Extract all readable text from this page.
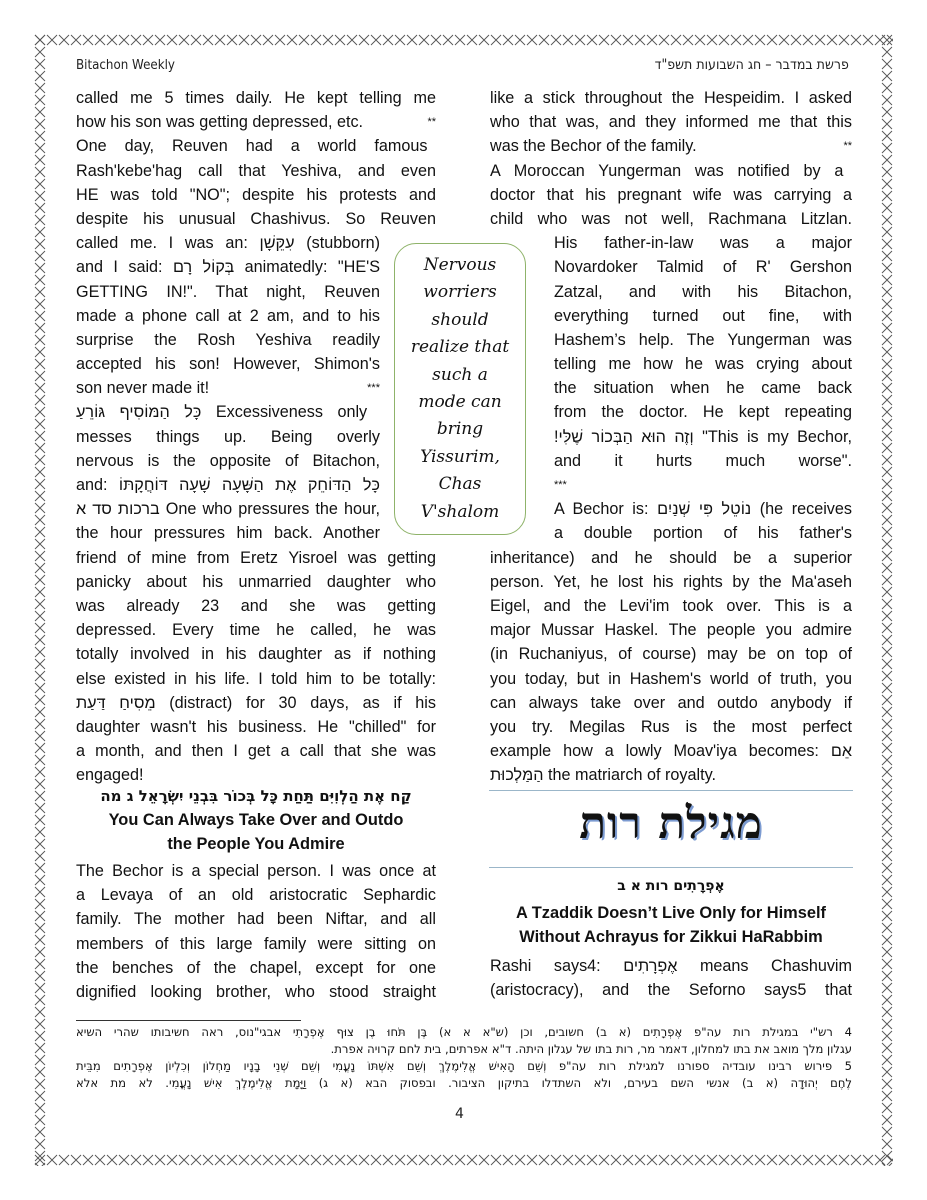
Bitachon Weekly	פרשת במדבר – חג השבועות תשפ"ד
called me 5 times daily. He kept telling me
how his son was getting depressed, etc.	**
One day, Reuven had a world famous
Rash'kebe'hag call that Yeshiva, and even
HE was told "NO"; despite his protests and
despite his unusual Chashivus. So Reuven
called me. I was an: עִקֵּשָׁן (stubborn)
and I said: בְּקוֹל רָם animatedly: "HE'S
GETTING IN!". That night, Reuven
made a phone call at 2 am, and to his
surprise the Rosh Yeshiva readily
accepted his son! However, Shimon's
son never made it!	***
כָּל הַמּוֹסִיף גּוֹרֵעַ Excessiveness only
messes things up. Being overly
nervous is the opposite of Bitachon,
and: כָּל הַדּוֹחֵק אֶת הַשָּׁעָה שָׁעָה דּוֹחֲקָתּוֹ
ברכות סד א One who pressures the hour,
the hour pressures him back. Another
friend of mine from Eretz Yisroel was getting
panicky about his unmarried daughter who
was already 23 and she was getting
depressed. Every time he called, he was
totally involved in his daughter as if nothing
else existed in his life. I told him to be totally:
מֵסִיחַ דַּעַת (distract) for 30 days, as if his
daughter wasn't his business. He "chilled" for
a month, and then I get a call that she was
engaged!
קַח אֶת הַלְוִיִּם תַּחַת כָּל בְּכוֹר בִּבְנֵי יִשְׂרָאֵל ג מה
You Can Always Take Over and Outdo
the People You Admire
The Bechor is a special person. I was once at
a Levaya of an old aristocratic Sephardic
family. The mother had been Niftar, and all
members of this large family were sitting on
the benches of the chapel, except for one
dignified looking brother, who stood straight
Nervous
worriers
should
realize that
such a
mode can
bring
Yissurim,
Chas
V'shalom
like a stick throughout the Hespeidim. I asked
who that was, and they informed me that this
was the Bechor of the family.	**
A Moroccan Yungerman was notified by a
doctor that his pregnant wife was carrying a
child who was not well, Rachmana Litzlan.
His father-in-law was a major
Novardoker Talmid of R' Gershon
Zatzal, and with his Bitachon,
everything turned out fine, with
Hashem’s help. The Yungerman was
telling me how he was crying about
the situation when he came back
from the doctor. He kept repeating
!וְזֶה הוּא הַבְּכוֹר שֶׁלִּי "This is my Bechor,
and it hurts much worse".
***
A Bechor is: נוֹטֵל פִּי שְׁנַיִם (he receives
a double portion of his father's
inheritance) and he should be a superior
person. Yet, he lost his rights by the Ma'aseh
Eigel, and the Levi'im took over. This is a
major Mussar Haskel. The people you admire
(in Ruchaniyus, of course) may be on top of
you today, but in Hashem's world of truth, you
can always take over and outdo anybody if
you try. Megilas Rus is the most perfect
example how a lowly Moav'iya becomes: אֵם
הַמַּלְכוּת the matriarch of royalty.
מגילת רות
אֶפְרָתִים רות א ב
A Tzaddik Doesn’t Live Only for Himself
Without Achrayus for Zikkui HaRabbim
Rashi says4: אֶפְרָתִים means Chashuvim
(aristocracy), and the Seforno says5 that
4 רש"י במגילת רות עה"פ אֶפְרָתִים (א ב) חשובים, וכן (ש"א א א) בֶּן תֹּחוּ בֶן צוּף אֶפְרָתִי אבגי"נוס, ראה חשיבותו שהרי השיא
עגלון מלך מואב את בתו למחלון, דאמר מר, רות בתו של עגלון היתה. ד"א אפרתים, בית לחם קרויה אפרת.
5 פירוש רבינו עובדיה ספורנו למגילת רות עה"פ וְשֵׁם הָאִישׁ אֱלִימֶלֶךְ וְשֵׁם אִשְׁתּוֹ נָעֳמִי וְשֵׁם שְׁנֵי בָנָיו מַחְלוֹן וְכִלְיוֹן אֶפְרָתִים מִבֵּית
לֶחֶם יְהוּדָה (א ב) אנשי השם בעירם, ולא השתדלו בתיקון הציבור. ובפסוק הבא (א ג) וַיָּמָת אֱלִימֶלֶךְ אִישׁ נָעֳמִי. לא מת אלא
4
